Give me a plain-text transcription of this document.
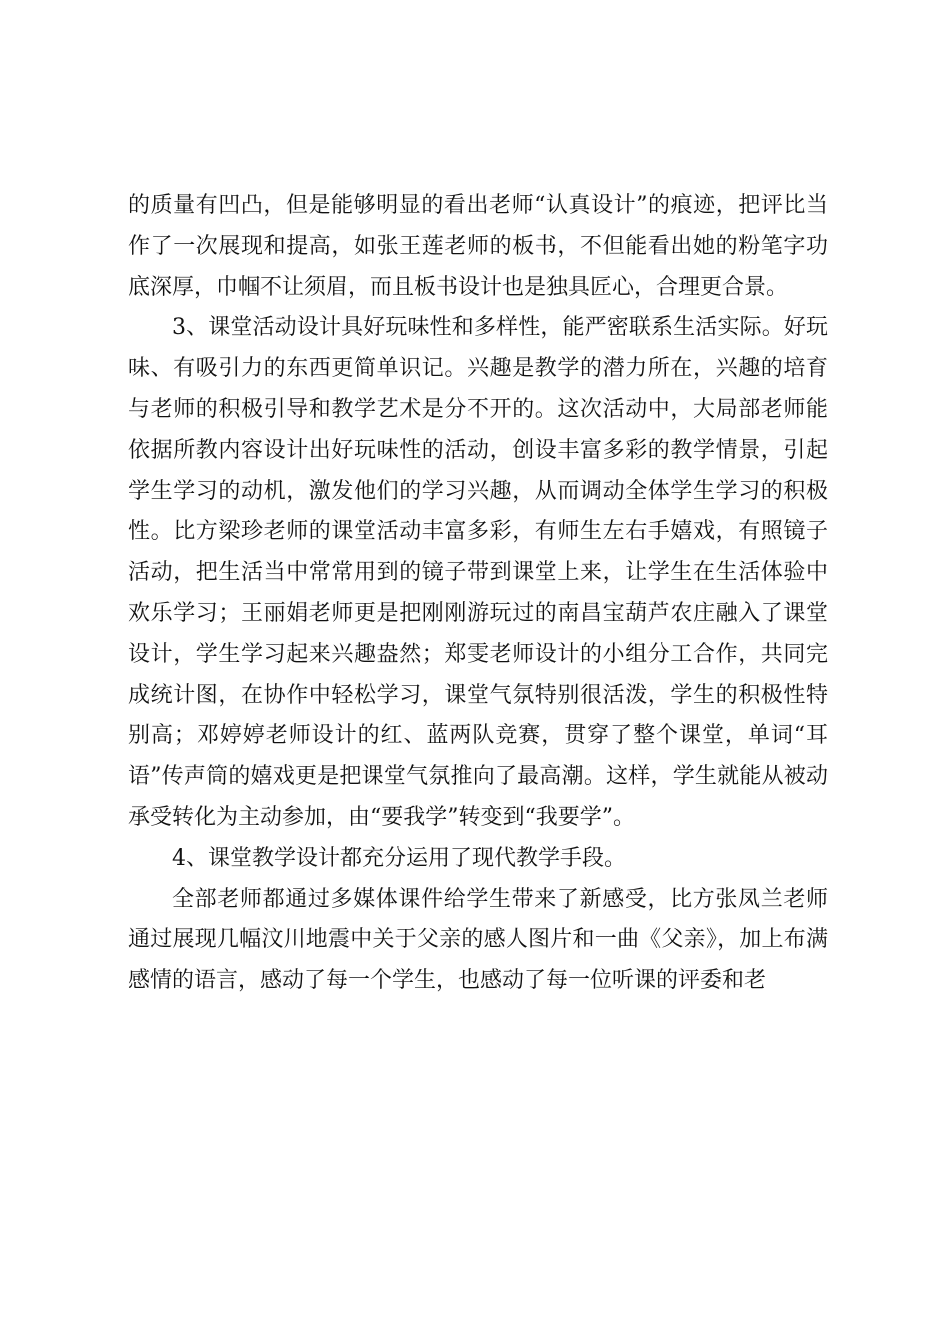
的质量有凹凸，但是能够明显的看出老师“认真设计”的痕迹，把评比当作了一次展现和提高，如张王莲老师的板书，不但能看出她的粉笔字功底深厚，巾帼不让须眉，而且板书设计也是独具匠心，合理更合景。

3、课堂活动设计具好玩味性和多样性，能严密联系生活实际。好玩味、有吸引力的东西更简单识记。兴趣是教学的潜力所在，兴趣的培育与老师的积极引导和教学艺术是分不开的。这次活动中，大局部老师能依据所教内容设计出好玩味性的活动，创设丰富多彩的教学情景，引起学生学习的动机，激发他们的学习兴趣，从而调动全体学生学习的积极性。比方梁珍老师的课堂活动丰富多彩，有师生左右手嬉戏，有照镜子活动，把生活当中常常用到的镜子带到课堂上来，让学生在生活体验中欢乐学习；王丽娟老师更是把刚刚游玩过的南昌宝葫芦农庄融入了课堂设计，学生学习起来兴趣盎然；郑雯老师设计的小组分工合作，共同完成统计图，在协作中轻松学习，课堂气氛特别很活泼，学生的积极性特别高；邓婷婷老师设计的红、蓝两队竞赛，贯穿了整个课堂，单词“耳语”传声筒的嬉戏更是把课堂气氛推向了最高潮。这样，学生就能从被动承受转化为主动参加，由“要我学”转变到“我要学”。

4、课堂教学设计都充分运用了现代教学手段。

全部老师都通过多媒体课件给学生带来了新感受，比方张凤兰老师通过展现几幅汶川地震中关于父亲的感人图片和一曲《父亲》，加上布满感情的语言，感动了每一个学生，也感动了每一位听课的评委和老
